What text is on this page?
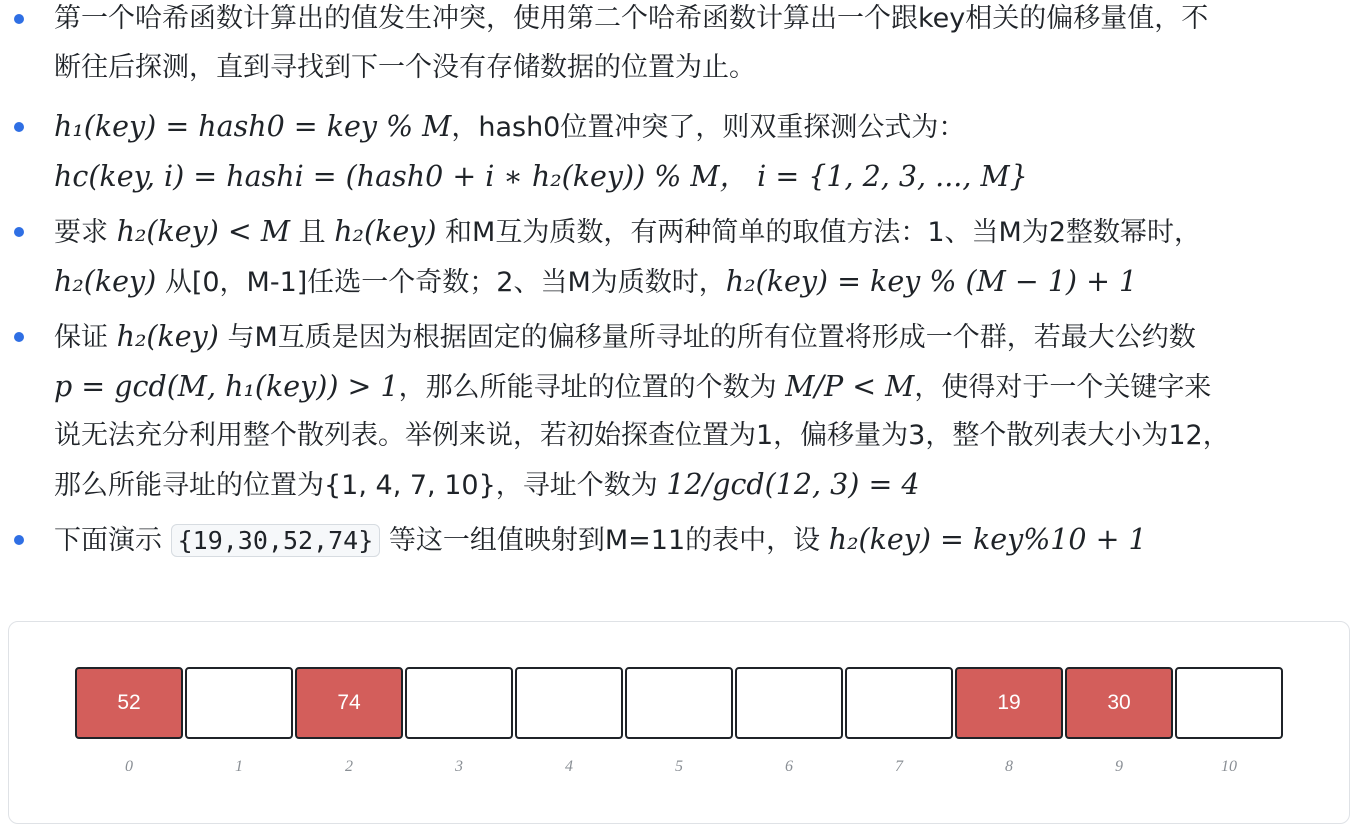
第一个哈希函数计算出的值发生冲突，使用第二个哈希函数计算出一个跟key相关的偏移量值，不
断往后探测，直到寻找到下一个没有存储数据的位置为止。
h₁(key) = hash0 = key % M，hash0位置冲突了，则双重探测公式为：
hc(key, i) = hashi = (hash0 + i ∗ h₂(key)) % M， i = {1, 2, 3, ..., M}
要求 h₂(key) < M 且 h₂(key) 和M互为质数，有两种简单的取值方法：1、当M为2整数幂时，
h₂(key) 从[0，M-1]任选一个奇数；2、当M为质数时，h₂(key) = key % (M − 1) + 1
保证 h₂(key) 与M互质是因为根据固定的偏移量所寻址的所有位置将形成一个群，若最大公约数
p = gcd(M, h₁(key)) > 1，那么所能寻址的位置的个数为 M/P < M，使得对于一个关键字来
说无法充分利用整个散列表。举例来说，若初始探查位置为1，偏移量为3，整个散列表大小为12，
那么所能寻址的位置为{1, 4, 7, 10}，寻址个数为 12/gcd(12, 3) = 4
下面演示 {19,30,52,74} 等这一组值映射到M=11的表中，设 h₂(key) = key%10 + 1
52
0	1
74
2	3	4	5	6	7
19
8
30
9	10
